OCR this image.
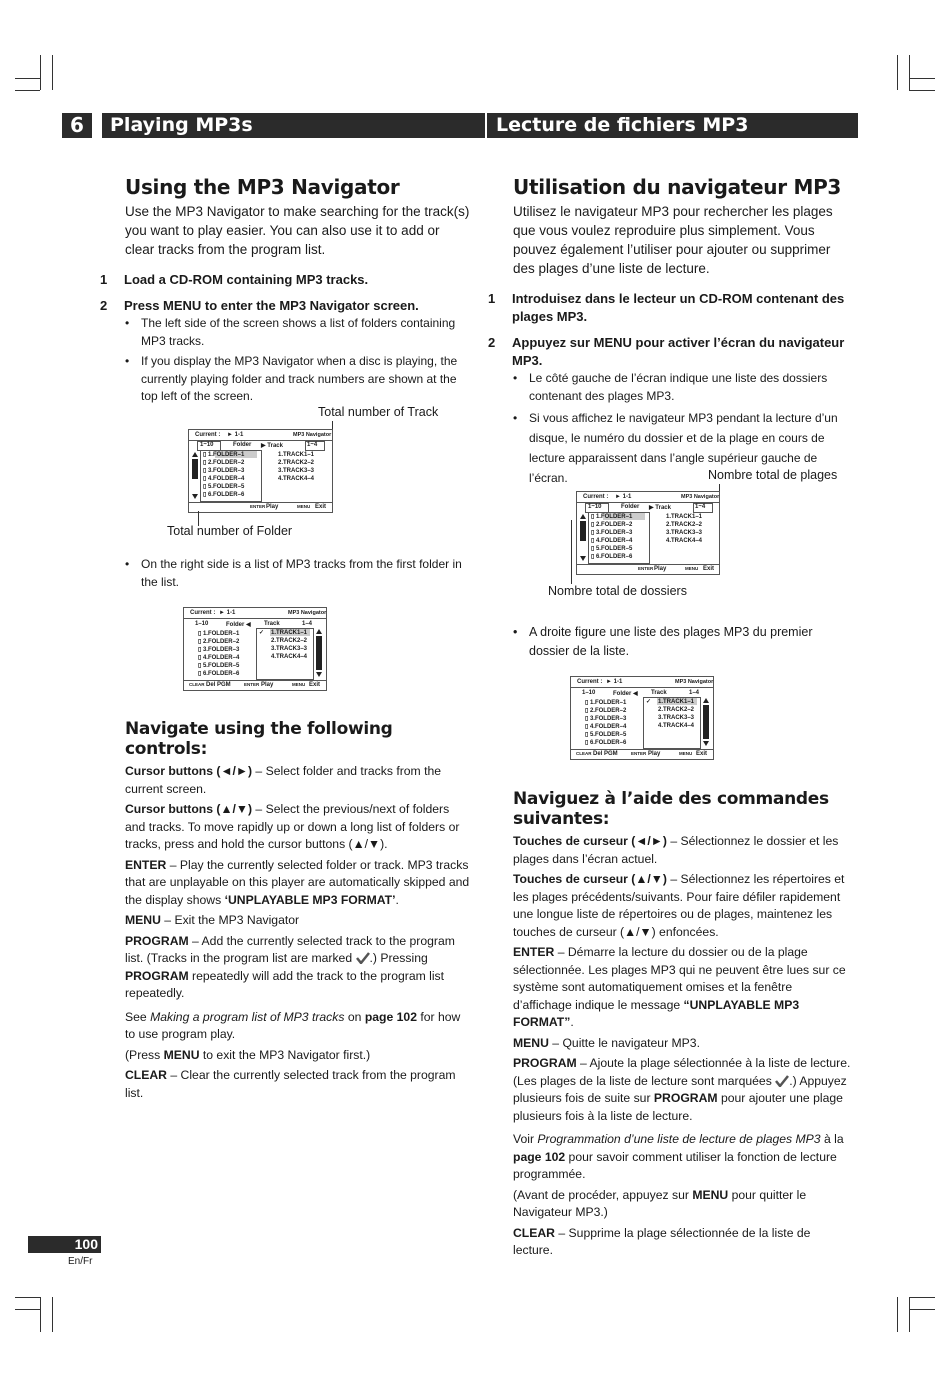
6	Playing MP3s	Lecture de fichiers MP3
Using the MP3 Navigator

Use the MP3 Navigator to make searching for the track(s) you want to play easier. You can also use it to add or clear tracks from the program list.

1	Load a CD-ROM containing MP3 tracks.
2	Press MENU to enter the MP3 Navigator screen.
• The left side of the screen shows a list of folders containing MP3 tracks.
• If you display the MP3 Navigator when a disc is playing, the currently playing folder and track numbers are shown at the top left of the screen.
Total number of Track
Current : ► 1-1	MP3 Navigator
1~10	Folder ▶ Track	1~4
▯ 1.FOLDER–1
▯ 2.FOLDER–2
▯ 3.FOLDER–3
▯ 4.FOLDER–4
▯ 5.FOLDER–5
▯ 6.FOLDER–6
1.TRACK1–1
2.TRACK2–2
3.TRACK3–3
4.TRACK4–4
ENTER Play	MENU Exit
Total number of Folder
• On the right side is a list of MP3 tracks from the first folder in the list.
Current : ► 1-1	MP3 Navigator
1–10	Folder ◀ Track	1–4
▯ 1.FOLDER–1
▯ 2.FOLDER–2
▯ 3.FOLDER–3
▯ 4.FOLDER–4
▯ 5.FOLDER–5
▯ 6.FOLDER–6
✓ 1.TRACK1–1
2.TRACK2–2
3.TRACK3–3
4.TRACK4–4
CLEAR Del PGM	ENTER Play	MENU Exit
Navigate using the following controls:

Cursor buttons (◄/►) – Select folder and tracks from the current screen.

Cursor buttons (▲/▼) – Select the previous/next of folders and tracks. To move rapidly up or down a long list of folders or tracks, press and hold the cursor buttons (▲/▼).

ENTER – Play the currently selected folder or track. MP3 tracks that are unplayable on this player are automatically skipped and the display shows ‘UNPLAYABLE MP3 FORMAT’.

MENU – Exit the MP3 Navigator

PROGRAM – Add the currently selected track to the program list. (Tracks in the program list are marked .) Pressing PROGRAM repeatedly will add the track to the program list repeatedly.

See Making a program list of MP3 tracks on page 102 for how to use program play.

(Press MENU to exit the MP3 Navigator first.)

CLEAR – Clear the currently selected track from the program list.

Utilisation du navigateur MP3

Utilisez le navigateur MP3 pour rechercher les plages que vous voulez reproduire plus simplement. Vous pouvez également l’utiliser pour ajouter ou supprimer des plages d’une liste de lecture.

1	Introduisez dans le lecteur un CD-ROM contenant des plages MP3.
2	Appuyez sur MENU pour activer l’écran du navigateur MP3.
• Le côté gauche de l’écran indique une liste des dossiers contenant des plages MP3.
• Si vous affichez le navigateur MP3 pendant la lecture d’un disque, le numéro du dossier et de la plage en cours de lecture apparaissent dans l’angle supérieur gauche de l’écran.	Nombre total de plages
Current : ► 1-1	MP3 Navigator
1~10	Folder ▶ Track	1~4
▯ 1.FOLDER–1
▯ 2.FOLDER–2
▯ 3.FOLDER–3
▯ 4.FOLDER–4
▯ 5.FOLDER–5
▯ 6.FOLDER–6
1.TRACK1–1
2.TRACK2–2
3.TRACK3–3
4.TRACK4–4
ENTER Play	MENU Exit
Nombre total de dossiers
• A droite figure une liste des plages MP3 du premier dossier de la liste.
Current : ► 1-1	MP3 Navigator
1–10	Folder ◀ Track	1–4
▯ 1.FOLDER–1
▯ 2.FOLDER–2
▯ 3.FOLDER–3
▯ 4.FOLDER–4
▯ 5.FOLDER–5
▯ 6.FOLDER–6
✓ 1.TRACK1–1
2.TRACK2–2
3.TRACK3–3
4.TRACK4–4
CLEAR Del PGM	ENTER Play	MENU Exit
Naviguez à l’aide des commandes suivantes:

Touches de curseur (◄/►) – Sélectionnez le dossier et les plages dans l’écran actuel.

Touches de curseur (▲/▼) – Sélectionnez les répertoires et les plages précédents/suivants. Pour faire défiler rapidement une longue liste de répertoires ou de plages, maintenez les touches de curseur (▲/▼) enfoncées.

ENTER – Démarre la lecture du dossier ou de la plage sélectionnée. Les plages MP3 qui ne peuvent être lues sur ce système sont automatiquement omises et la fenêtre d’affichage indique le message “UNPLAYABLE MP3 FORMAT”.

MENU – Quitte le navigateur MP3.

PROGRAM – Ajoute la plage sélectionnée à la liste de lecture. (Les plages de la liste de lecture sont marquées .) Appuyez plusieurs fois de suite sur PROGRAM pour ajouter une plage plusieurs fois à la liste de lecture.

Voir Programmation d’une liste de lecture de plages MP3 à la page 102 pour savoir comment utiliser la fonction de lecture programmée.

(Avant de procéder, appuyez sur MENU pour quitter le Navigateur MP3.)

CLEAR – Supprime la plage sélectionnée de la liste de lecture.

100
En/Fr
